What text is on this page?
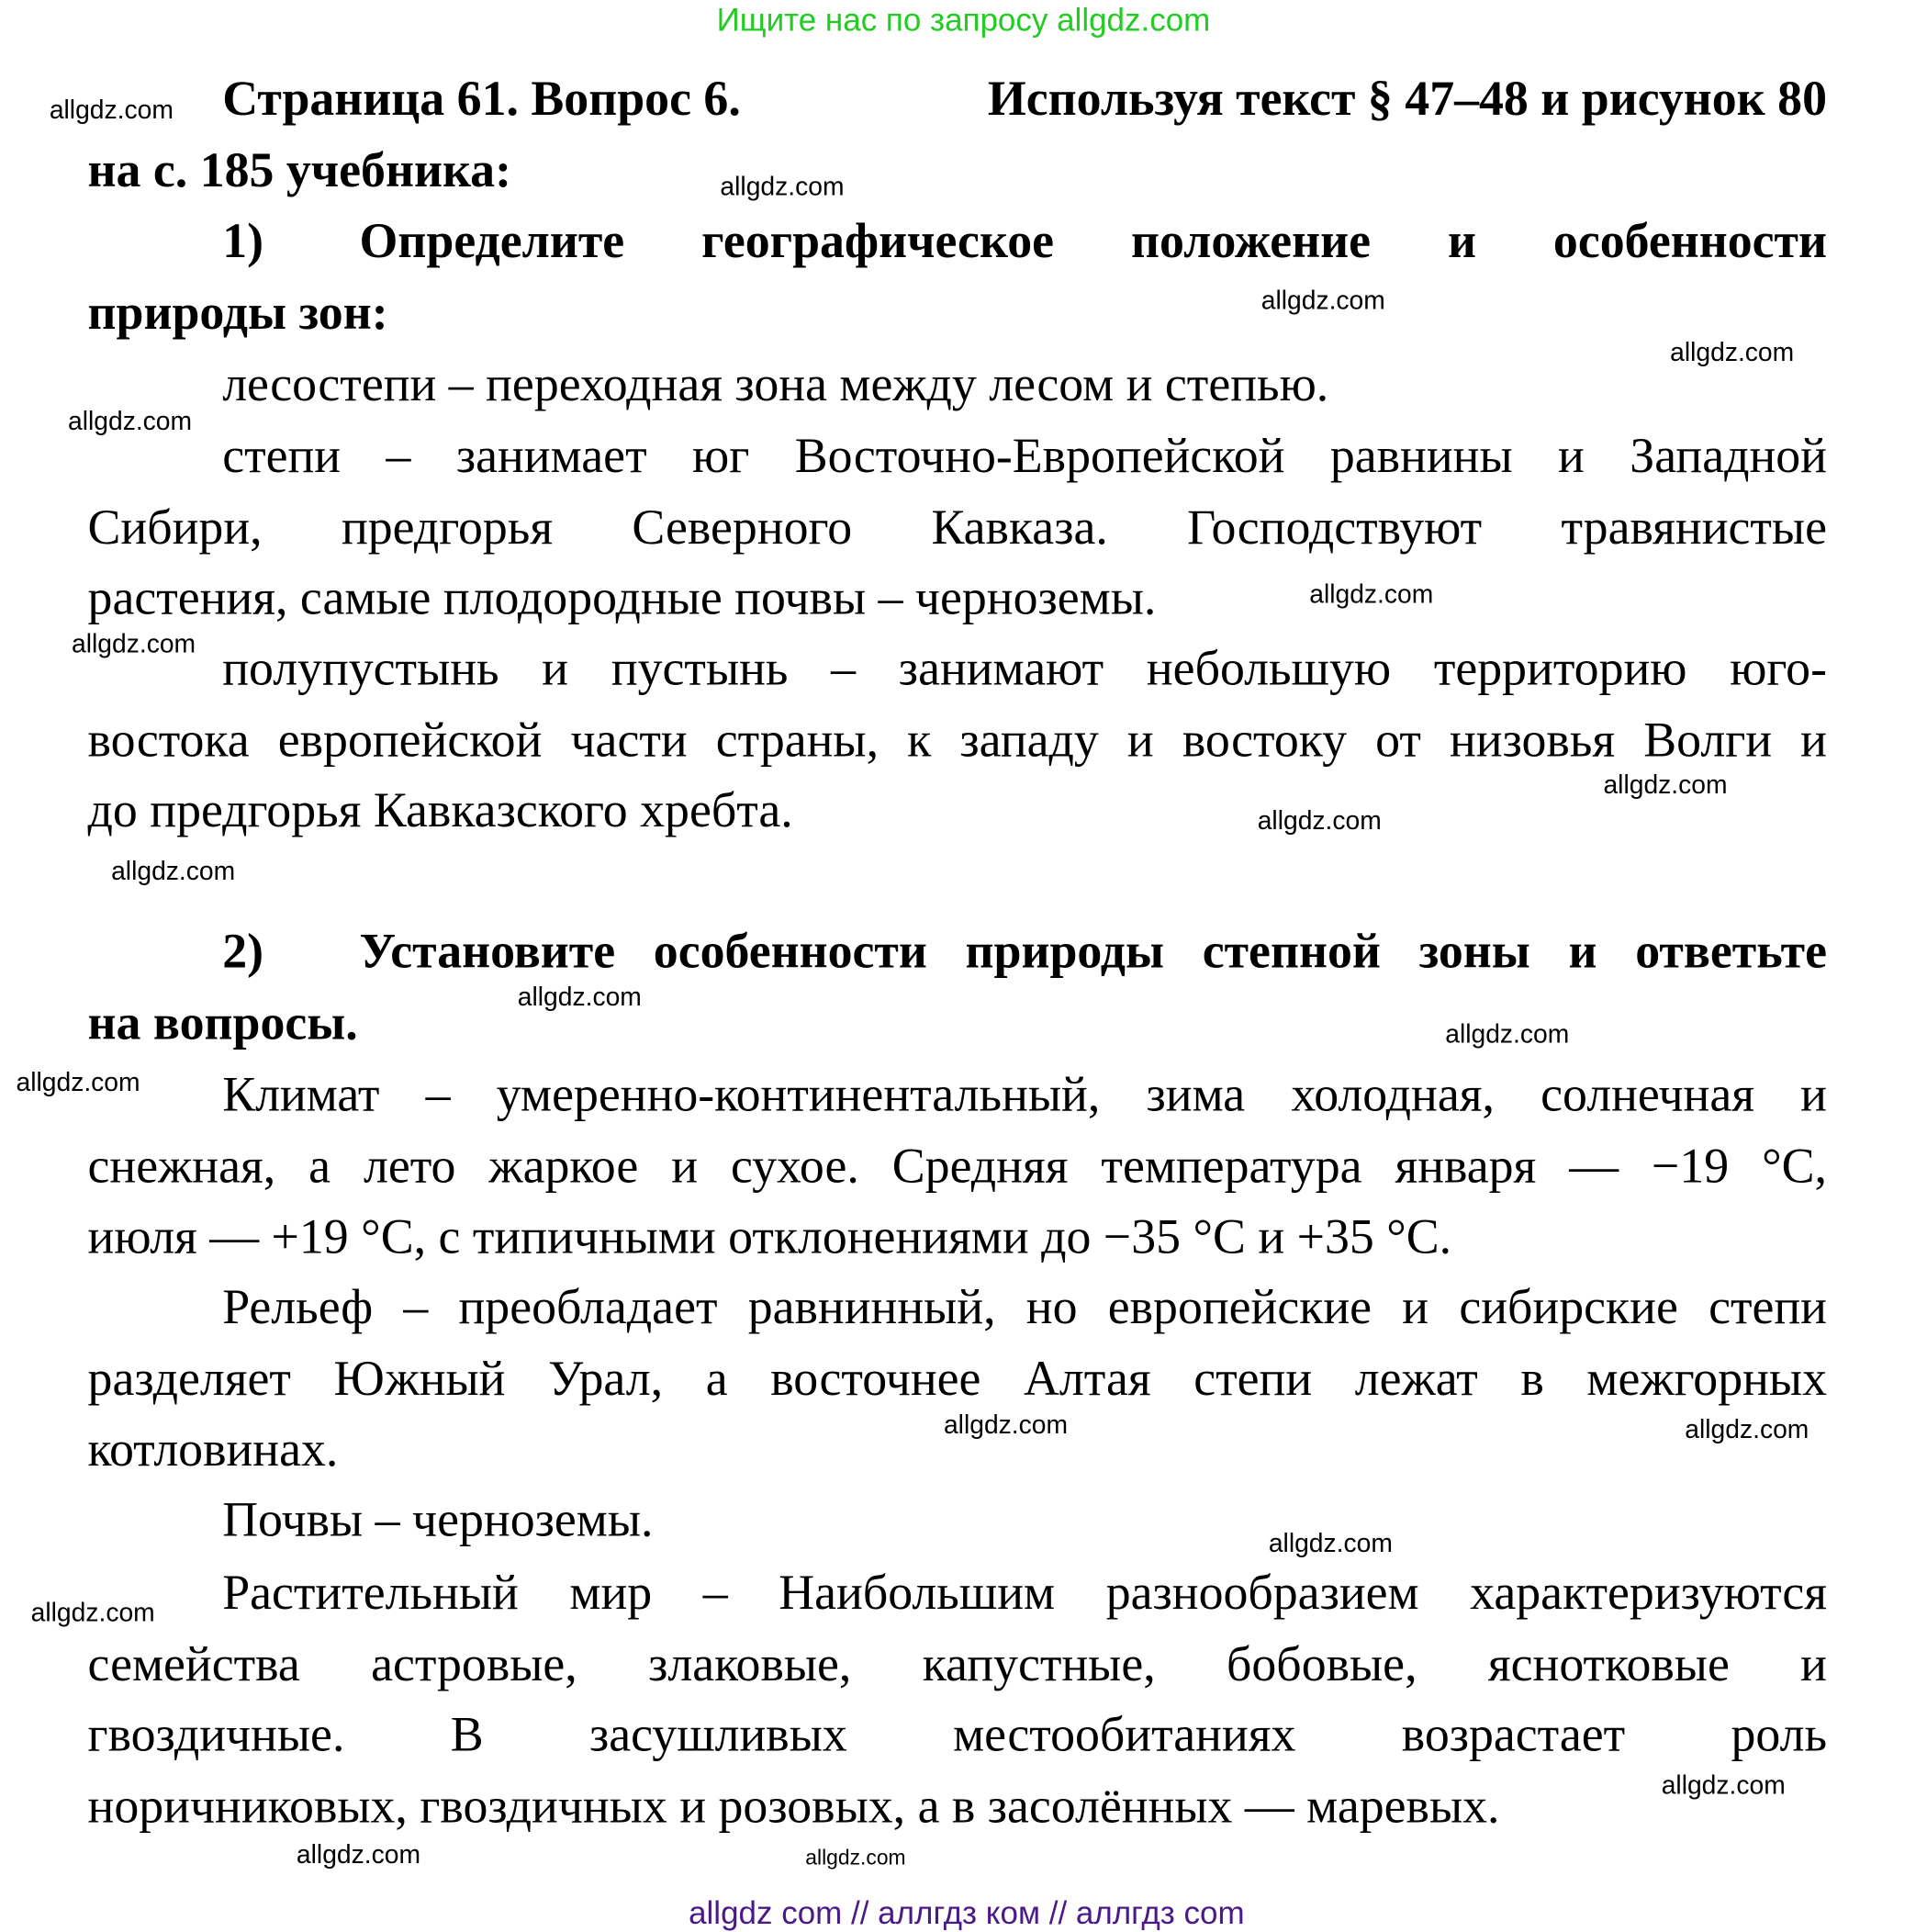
Ищите нас по запросу allgdz.com
Страница 61. Вопрос 6.	Используя текст § 47–48 и рисунок 80
на с. 185 учебника:
1)	Определите географическое положение и особенности
природы зон:
лесостепи – переходная зона между лесом и степью.
степи – занимает юг Восточно-Европейской равнины и Западной
Сибири, предгорья Северного Кавказа. Господствуют травянистые
растения, самые плодородные почвы – черноземы.
полупустынь и пустынь – занимают небольшую территорию юго-
востока европейской части страны, к западу и востоку от низовья Волги и
до предгорья Кавказского хребта.
2)	Установите особенности природы степной зоны и ответьте
на вопросы.
Климат – умеренно-континентальный, зима холодная, солнечная и
снежная, а лето жаркое и сухое. Средняя температура января — −19 °С,
июля — +19 °С, с типичными отклонениями до −35 °С и +35 °С.
Рельеф – преобладает равнинный, но европейские и сибирские степи
разделяет Южный Урал, а восточнее Алтая степи лежат в межгорных
котловинах.
Почвы – черноземы.
Растительный мир – Наибольшим разнообразием характеризуются
семейства астровые, злаковые, капустные, бобовые, яснотковые и
гвоздичные. В засушливых местообитаниях возрастает роль
норичниковых, гвоздичных и розовых, а в засолённых — маревых.
allgdz.com
allgdz.com
allgdz.com
allgdz.com
allgdz.com
allgdz.com
allgdz.com
allgdz.com
allgdz.com
allgdz.com
allgdz.com
allgdz.com
allgdz.com
allgdz.com
allgdz.com
allgdz.com
allgdz.com
allgdz.com
allgdz.com
allgdz.com
allgdz com // аллгдз ком // аллгдз com
